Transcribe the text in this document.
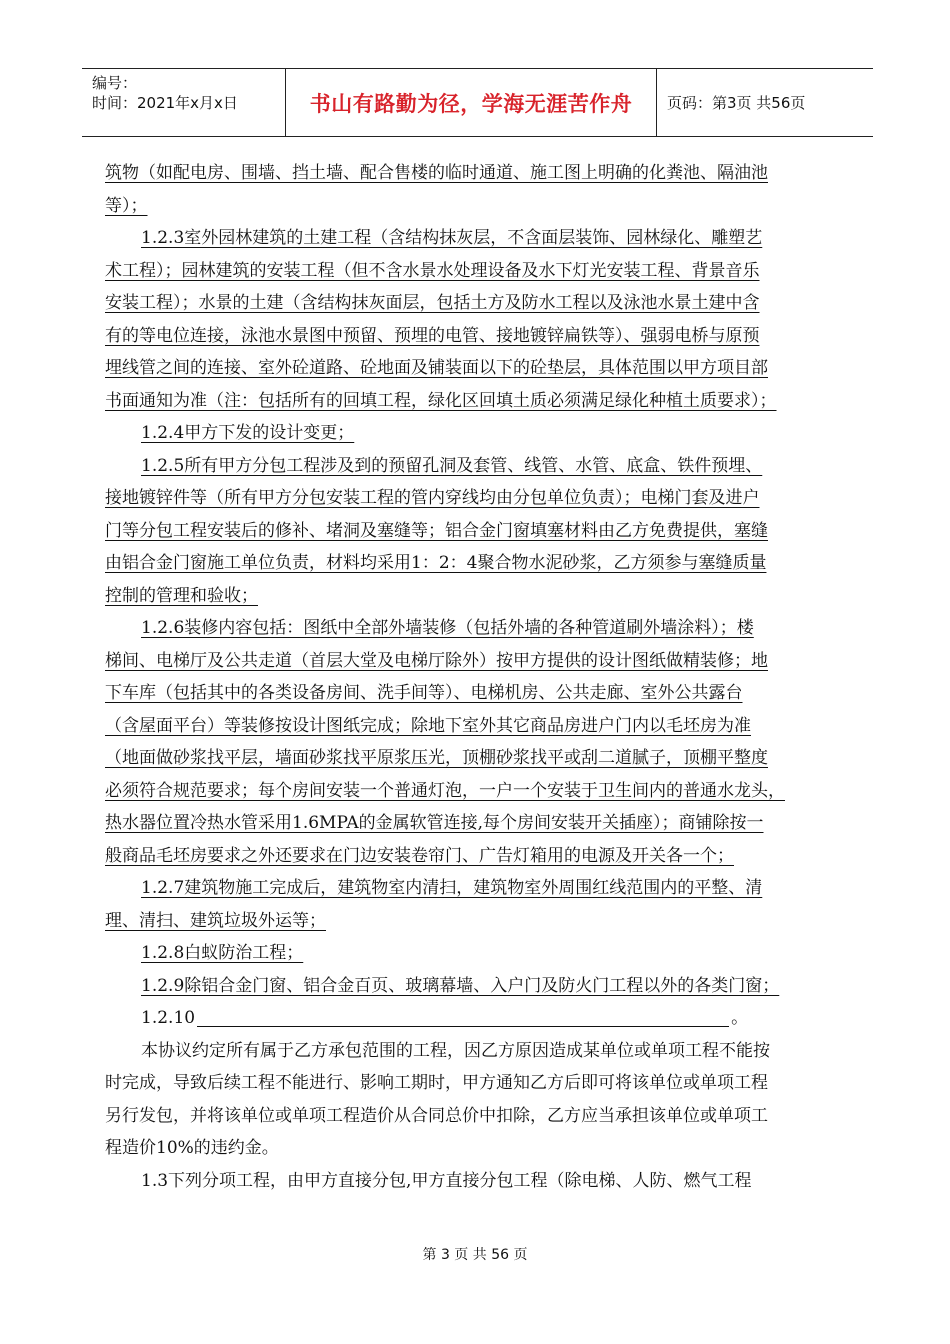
编号：
时间：2021年x月x日	书山有路勤为径，学海无涯苦作舟	页码：第3页 共56页
筑物（如配电房、围墙、挡土墙、配合售楼的临时通道、施工图上明确的化粪池、隔油池
等）；
1.2.3室外园林建筑的土建工程（含结构抹灰层，不含面层装饰、园林绿化、雕塑艺
术工程）；园林建筑的安装工程（但不含水景水处理设备及水下灯光安装工程、背景音乐
安装工程）；水景的土建（含结构抹灰面层，包括土方及防水工程以及泳池水景土建中含
有的等电位连接，泳池水景图中预留、预埋的电管、接地镀锌扁铁等）、强弱电桥与原预
埋线管之间的连接、室外砼道路、砼地面及铺装面以下的砼垫层，具体范围以甲方项目部
书面通知为准（注：包括所有的回填工程，绿化区回填土质必须满足绿化种植土质要求）；
1.2.4甲方下发的设计变更；
1.2.5所有甲方分包工程涉及到的预留孔洞及套管、线管、水管、底盒、铁件预埋、
接地镀锌件等（所有甲方分包安装工程的管内穿线均由分包单位负责）；电梯门套及进户
门等分包工程安装后的修补、堵洞及塞缝等；铝合金门窗填塞材料由乙方免费提供，塞缝
由铝合金门窗施工单位负责，材料均采用1：2：4聚合物水泥砂浆，乙方须参与塞缝质量
控制的管理和验收；
1.2.6装修内容包括：图纸中全部外墙装修（包括外墙的各种管道刷外墙涂料）；楼
梯间、电梯厅及公共走道（首层大堂及电梯厅除外）按甲方提供的设计图纸做精装修；地
下车库（包括其中的各类设备房间、洗手间等）、电梯机房、公共走廊、室外公共露台
（含屋面平台）等装修按设计图纸完成；除地下室外其它商品房进户门内以毛坯房为准
（地面做砂浆找平层，墙面砂浆找平原浆压光，顶棚砂浆找平或刮二道腻子，顶棚平整度
必须符合规范要求；每个房间安装一个普通灯泡，一户一个安装于卫生间内的普通水龙头，
热水器位置冷热水管采用1.6MPA的金属软管连接,每个房间安装开关插座）；商铺除按一
般商品毛坯房要求之外还要求在门边安装卷帘门、广告灯箱用的电源及开关各一个；
1.2.7建筑物施工完成后，建筑物室内清扫，建筑物室外周围红线范围内的平整、清
理、清扫、建筑垃圾外运等；
1.2.8白蚁防治工程；
1.2.9除铝合金门窗、铝合金百页、玻璃幕墙、入户门及防火门工程以外的各类门窗；
1.2.10	。
本协议约定所有属于乙方承包范围的工程，因乙方原因造成某单位或单项工程不能按
时完成，导致后续工程不能进行、影响工期时，甲方通知乙方后即可将该单位或单项工程
另行发包，并将该单位或单项工程造价从合同总价中扣除，乙方应当承担该单位或单项工
程造价10%的违约金。
1.3下列分项工程，由甲方直接分包,甲方直接分包工程（除电梯、人防、燃气工程
第 3 页 共 56 页
